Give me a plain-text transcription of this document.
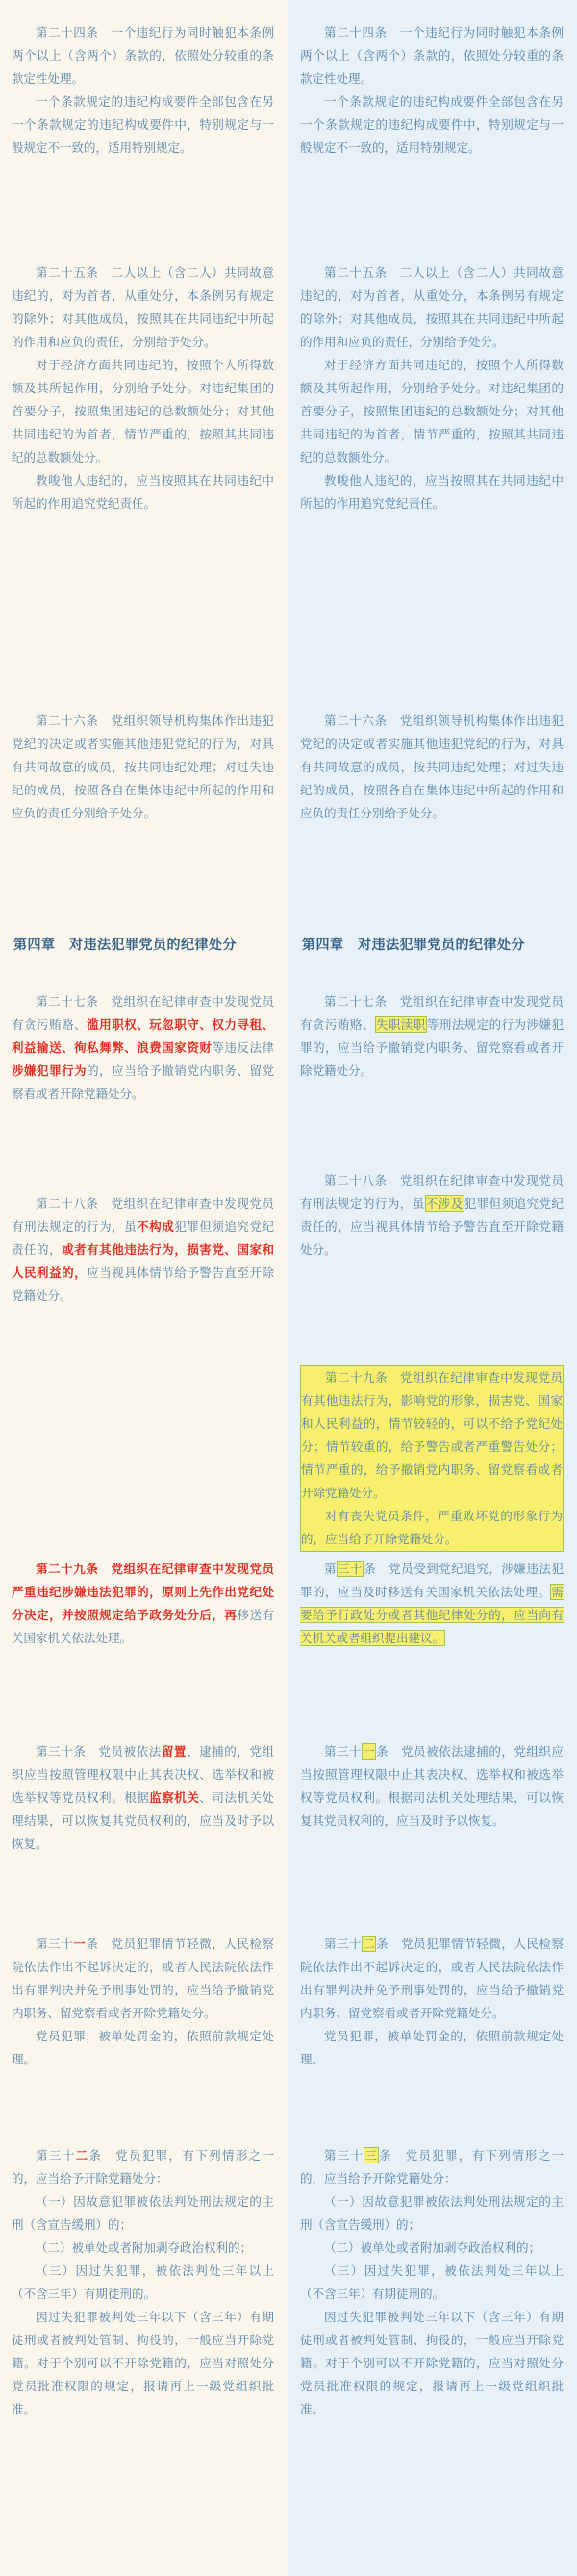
第二十四条　一个违纪行为同时触犯本条例两个以上（含两个）条款的，依照处分较重的条款定性处理。

一个条款规定的违纪构成要件全部包含在另一个条款规定的违纪构成要件中，特别规定与一般规定不一致的，适用特别规定。

第二十五条　二人以上（含二人）共同故意违纪的，对为首者，从重处分，本条例另有规定的除外；对其他成员，按照其在共同违纪中所起的作用和应负的责任，分别给予处分。

对于经济方面共同违纪的，按照个人所得数额及其所起作用，分别给予处分。对违纪集团的首要分子，按照集团违纪的总数额处分；对其他共同违纪的为首者，情节严重的，按照其共同违纪的总数额处分。

教唆他人违纪的，应当按照其在共同违纪中所起的作用追究党纪责任。

第二十六条　党组织领导机构集体作出违犯党纪的决定或者实施其他违犯党纪的行为，对具有共同故意的成员，按共同违纪处理；对过失违纪的成员，按照各自在集体违纪中所起的作用和应负的责任分别给予处分。

第四章　对违法犯罪党员的纪律处分

第二十七条　党组织在纪律审查中发现党员有贪污贿赂、滥用职权、玩忽职守、权力寻租、利益输送、徇私舞弊、浪费国家资财等违反法律涉嫌犯罪行为的，应当给予撤销党内职务、留党察看或者开除党籍处分。

第二十八条　党组织在纪律审查中发现党员有刑法规定的行为，虽不构成犯罪但须追究党纪责任的，或者有其他违法行为，损害党、国家和人民利益的，应当视具体情节给予警告直至开除党籍处分。

第二十九条　党组织在纪律审查中发现党员严重违纪涉嫌违法犯罪的，原则上先作出党纪处分决定，并按照规定给予政务处分后，再移送有关国家机关依法处理。

第三十条　党员被依法留置、逮捕的，党组织应当按照管理权限中止其表决权、选举权和被选举权等党员权利。根据监察机关、司法机关处理结果，可以恢复其党员权利的，应当及时予以恢复。

第三十一条　党员犯罪情节轻微，人民检察院依法作出不起诉决定的，或者人民法院依法作出有罪判决并免予刑事处罚的，应当给予撤销党内职务、留党察看或者开除党籍处分。

党员犯罪，被单处罚金的，依照前款规定处理。

第三十二条　党员犯罪，有下列情形之一的，应当给予开除党籍处分：

（一）因故意犯罪被依法判处刑法规定的主刑（含宣告缓刑）的；

（二）被单处或者附加剥夺政治权利的；

（三）因过失犯罪，被依法判处三年以上（不含三年）有期徒刑的。

因过失犯罪被判处三年以下（含三年）有期徒刑或者被判处管制、拘役的，一般应当开除党籍。对于个别可以不开除党籍的，应当对照处分党员批准权限的规定，报请再上一级党组织批准。

第二十四条　一个违纪行为同时触犯本条例两个以上（含两个）条款的，依照处分较重的条款定性处理。

一个条款规定的违纪构成要件全部包含在另一个条款规定的违纪构成要件中，特别规定与一般规定不一致的，适用特别规定。

第二十五条　二人以上（含二人）共同故意违纪的，对为首者，从重处分，本条例另有规定的除外；对其他成员，按照其在共同违纪中所起的作用和应负的责任，分别给予处分。

对于经济方面共同违纪的，按照个人所得数额及其所起作用，分别给予处分。对违纪集团的首要分子，按照集团违纪的总数额处分；对其他共同违纪的为首者，情节严重的，按照其共同违纪的总数额处分。

教唆他人违纪的，应当按照其在共同违纪中所起的作用追究党纪责任。

第二十六条　党组织领导机构集体作出违犯党纪的决定或者实施其他违犯党纪的行为，对具有共同故意的成员，按共同违纪处理；对过失违纪的成员，按照各自在集体违纪中所起的作用和应负的责任分别给予处分。

第四章　对违法犯罪党员的纪律处分

第二十七条　党组织在纪律审查中发现党员有贪污贿赂、失职渎职等刑法规定的行为涉嫌犯罪的，应当给予撤销党内职务、留党察看或者开除党籍处分。

第二十八条　党组织在纪律审查中发现党员有刑法规定的行为，虽不涉及犯罪但须追究党纪责任的，应当视具体情节给予警告直至开除党籍处分。

第二十九条　党组织在纪律审查中发现党员有其他违法行为，影响党的形象，损害党、国家和人民利益的，情节较轻的，可以不给予党纪处分；情节较重的，给予警告或者严重警告处分；情节严重的，给予撤销党内职务、留党察看或者开除党籍处分。

对有丧失党员条件，严重败坏党的形象行为的，应当给予开除党籍处分。

第三十条　党员受到党纪追究，涉嫌违法犯罪的，应当及时移送有关国家机关依法处理。需要给予行政处分或者其他纪律处分的，应当向有关机关或者组织提出建议。

第三十一条　党员被依法逮捕的，党组织应当按照管理权限中止其表决权、选举权和被选举权等党员权利。根据司法机关处理结果，可以恢复其党员权利的，应当及时予以恢复。

第三十二条　党员犯罪情节轻微，人民检察院依法作出不起诉决定的，或者人民法院依法作出有罪判决并免予刑事处罚的，应当给予撤销党内职务、留党察看或者开除党籍处分。

党员犯罪，被单处罚金的，依照前款规定处理。

第三十三条　党员犯罪，有下列情形之一的，应当给予开除党籍处分：

（一）因故意犯罪被依法判处刑法规定的主刑（含宣告缓刑）的；

（二）被单处或者附加剥夺政治权利的；

（三）因过失犯罪，被依法判处三年以上（不含三年）有期徒刑的。

因过失犯罪被判处三年以下（含三年）有期徒刑或者被判处管制、拘役的，一般应当开除党籍。对于个别可以不开除党籍的，应当对照处分党员批准权限的规定，报请再上一级党组织批准。
